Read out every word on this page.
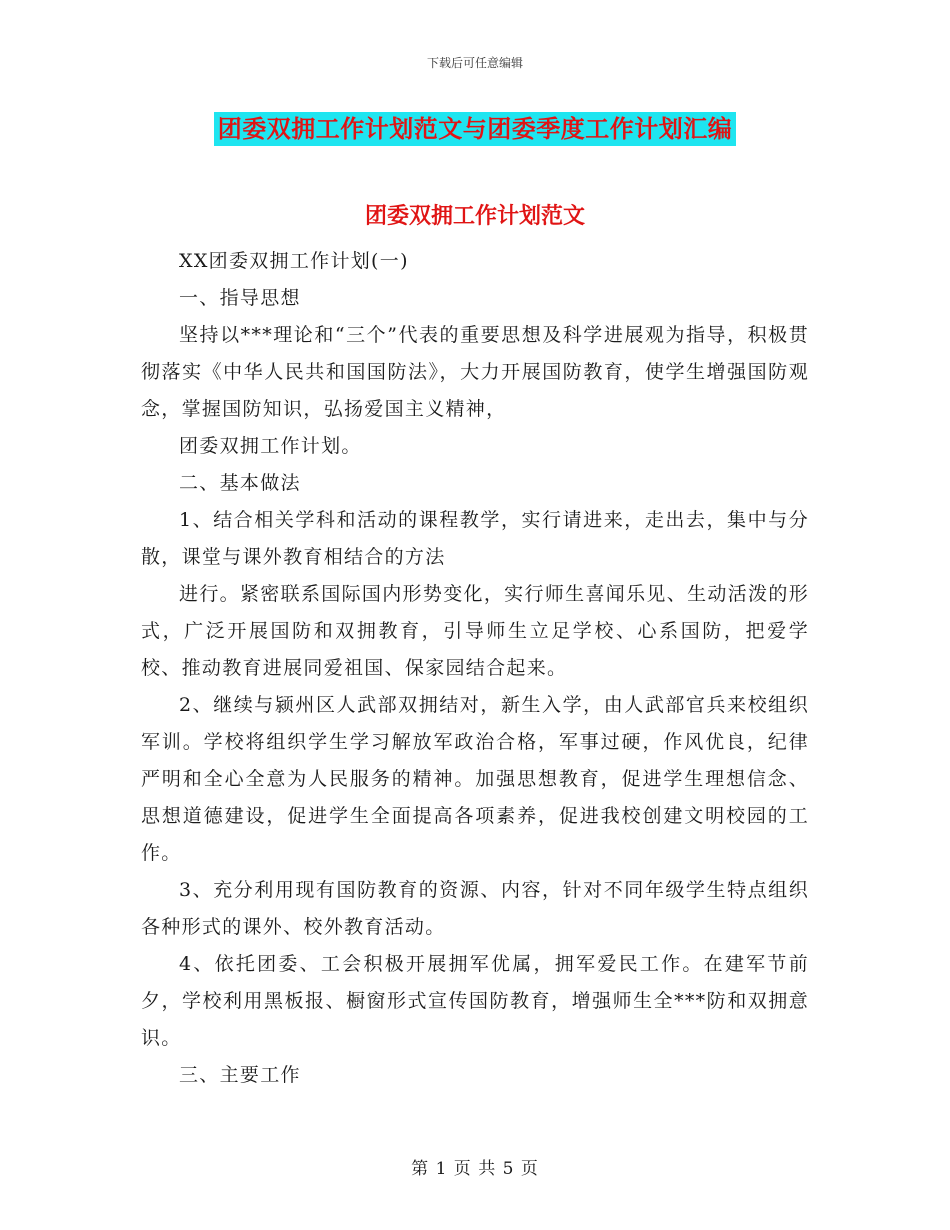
下载后可任意编辑
团委双拥工作计划范文与团委季度工作计划汇编
团委双拥工作计划范文

XX团委双拥工作计划(一)

一、指导思想

坚持以***理论和“三个”代表的重要思想及科学进展观为指导，积极贯彻落实《中华人民共和国国防法》，大力开展国防教育，使学生增强国防观念，掌握国防知识，弘扬爱国主义精神，

团委双拥工作计划。

二、基本做法

1、结合相关学科和活动的课程教学，实行请进来，走出去，集中与分散，课堂与课外教育相结合的方法

进行。紧密联系国际国内形势变化，实行师生喜闻乐见、生动活泼的形式，广泛开展国防和双拥教育，引导师生立足学校、心系国防，把爱学校、推动教育进展同爱祖国、保家园结合起来。

2、继续与颍州区人武部双拥结对，新生入学，由人武部官兵来校组织军训。学校将组织学生学习解放军政治合格，军事过硬，作风优良，纪律严明和全心全意为人民服务的精神。加强思想教育，促进学生理想信念、思想道德建设，促进学生全面提高各项素养，促进我校创建文明校园的工作。

3、充分利用现有国防教育的资源、内容，针对不同年级学生特点组织各种形式的课外、校外教育活动。

4、依托团委、工会积极开展拥军优属，拥军爱民工作。在建军节前夕，学校利用黑板报、橱窗形式宣传国防教育，增强师生全***防和双拥意识。

三、主要工作

第 1 页 共 5 页
